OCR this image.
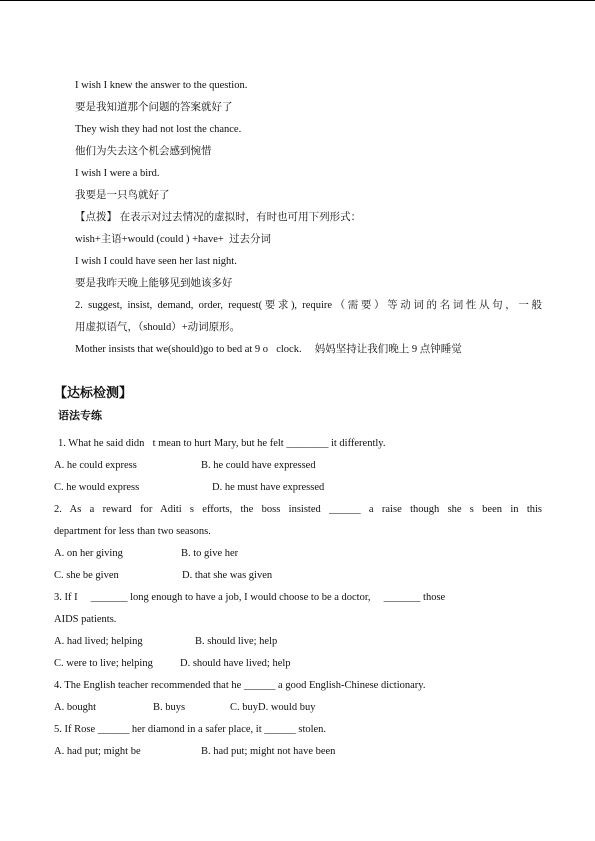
I wish I knew the answer to the question.
要是我知道那个问题的答案就好了
They wish they had not lost the chance.
他们为失去这个机会感到惋惜
I wish I were a bird.
我要是一只鸟就好了
【点拨】 在表示对过去情况的虚拟时，有时也可用下列形式：
wish+主语+would (could ) +have+  过去分词
I wish I could have seen her last night.
要是我昨天晚上能够见到她该多好
2. suggest, insist, demand, order, request(要求), require（需要）等动词的名词性从句，一般
用虚拟语气，（should）+动词原形。
Mother insists that we(should)go to bed at 9 o clock.     妈妈坚持让我们晚上 9 点钟睡觉
【达标检测】
语法专练
1. What he said didn t mean to hurt Mary, but he felt ________ it differently.
A. he could express	B. he could have expressed
C. he would express	D. he must have expressed
2. As a reward for Aditi s efforts, the boss insisted ______ a raise though she s been in this
department for less than two seasons.
A. on her giving	B. to give her
C. she be given	D. that she was given
3. If I     _______ long enough to have a job, I would choose to be a doctor,     _______ those
AIDS patients.
A. had lived; helping	B. should live; help
C. were to live; helping	D. should have lived; help
4. The English teacher recommended that he ______ a good English-Chinese dictionary.
A. bought	B. buys	C. buyD. would buy
5. If Rose ______ her diamond in a safer place, it ______ stolen.
A. had put; might be	B. had put; might not have been
